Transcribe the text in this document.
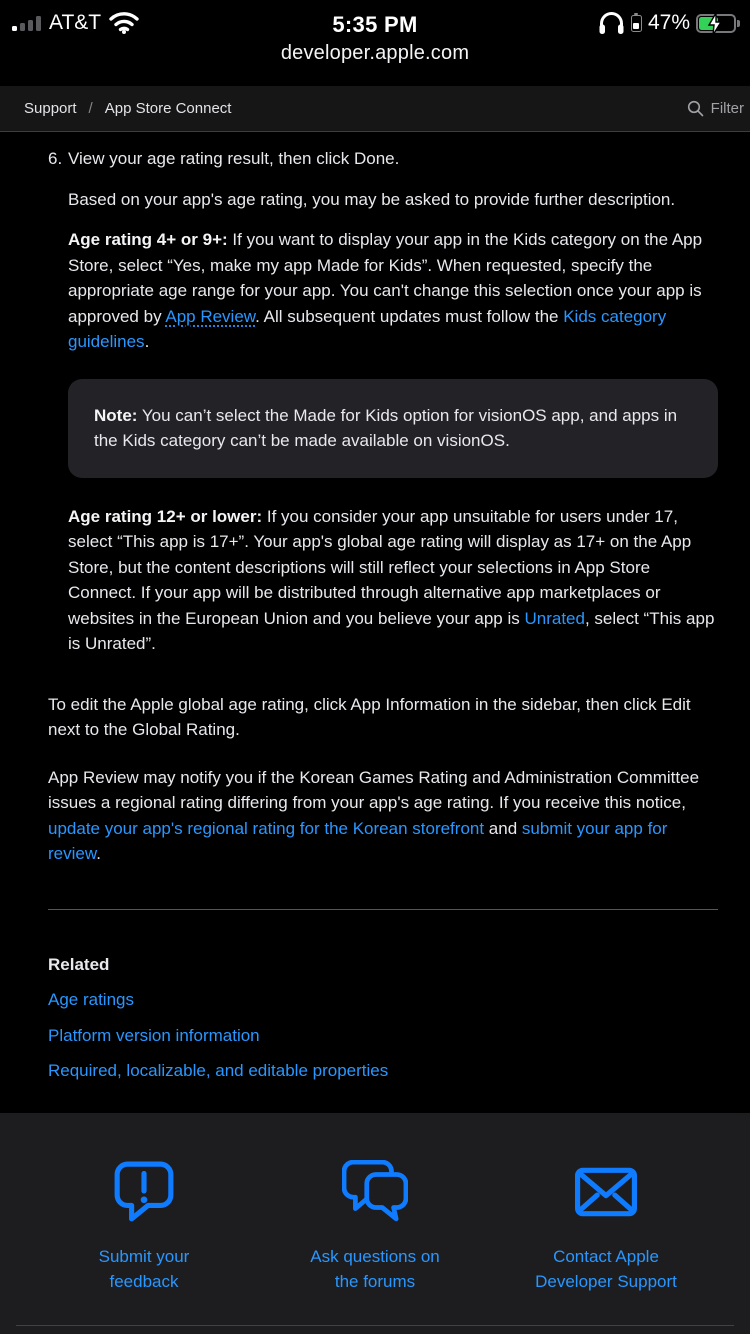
AT&T	5:35 PM	47%
developer.apple.com
Support / App Store Connect	Filter
6. View your age rating result, then click Done.

Based on your app's age rating, you may be asked to provide further description.

Age rating 4+ or 9+: If you want to display your app in the Kids category on the App Store, select “Yes, make my app Made for Kids”. When requested, specify the appropriate age range for your app. You can't change this selection once your app is approved by App Review. All subsequent updates must follow the Kids category guidelines.

Note: You can’t select the Made for Kids option for visionOS app, and apps in the Kids category can’t be made available on visionOS.

Age rating 12+ or lower: If you consider your app unsuitable for users under 17, select “This app is 17+”. Your app's global age rating will display as 17+ on the App Store, but the content descriptions will still reflect your selections in App Store Connect. If your app will be distributed through alternative app marketplaces or websites in the European Union and you believe your app is Unrated, select “This app is Unrated”.

To edit the Apple global age rating, click App Information in the sidebar, then click Edit next to the Global Rating.

App Review may notify you if the Korean Games Rating and Administration Committee issues a regional rating differing from your app's age rating. If you receive this notice, update your app's regional rating for the Korean storefront and submit your app for review.

Related
Age ratings
Platform version information
Required, localizable, and editable properties
Submit your
feedback
Ask questions on
the forums
Contact Apple
Developer Support
